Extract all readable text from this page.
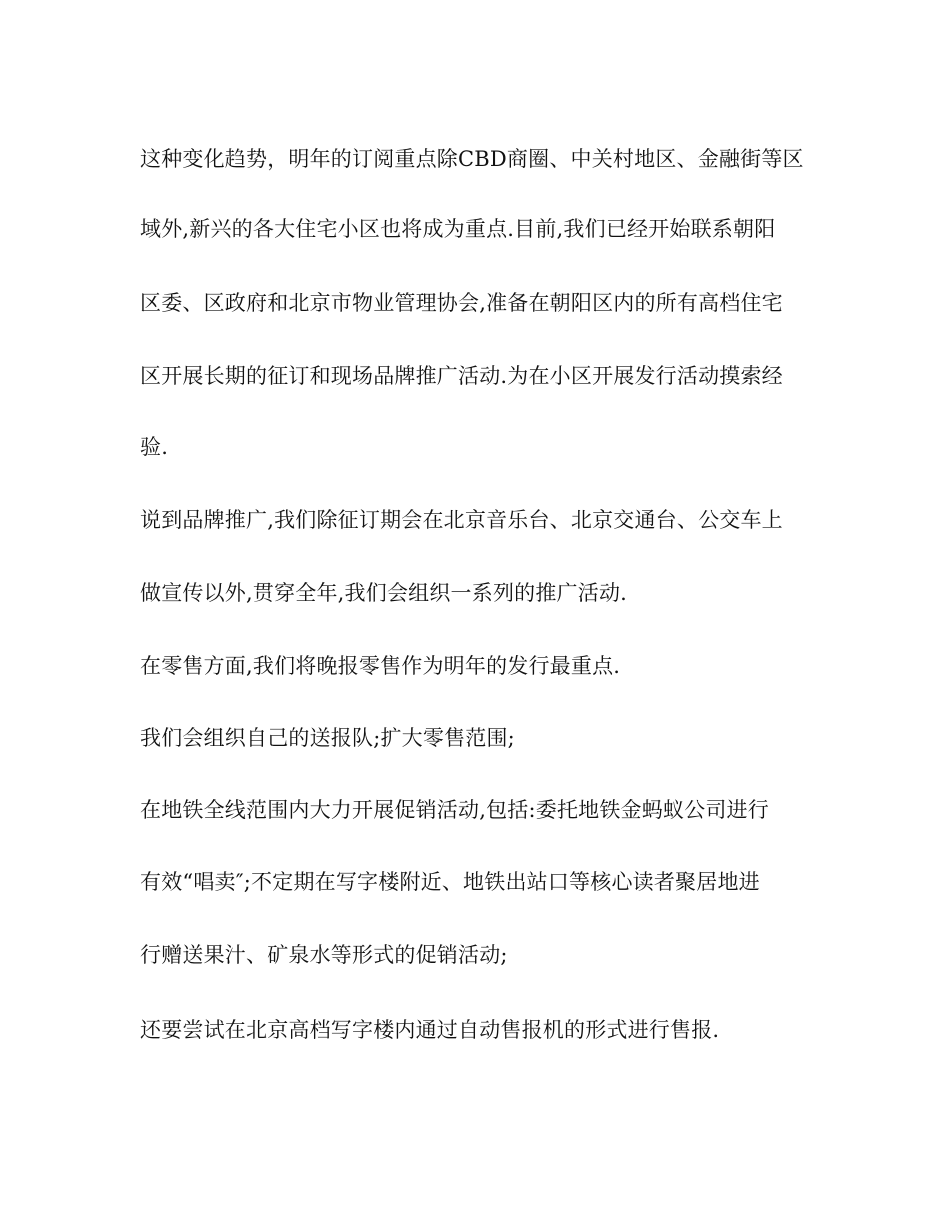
这种变化趋势，明年的订阅重点除CBD商圈、中关村地区、金融街等区

域外,新兴的各大住宅小区也将成为重点.目前,我们已经开始联系朝阳

区委、区政府和北京市物业管理协会,准备在朝阳区内的所有高档住宅

区开展长期的征订和现场品牌推广活动.为在小区开展发行活动摸索经

验.

说到品牌推广,我们除征订期会在北京音乐台、北京交通台、公交车上

做宣传以外,贯穿全年,我们会组织一系列的推广活动.

在零售方面,我们将晚报零售作为明年的发行最重点.

我们会组织自己的送报队;扩大零售范围;

在地铁全线范围内大力开展促销活动,包括:委托地铁金蚂蚁公司进行

有效“唱卖″;不定期在写字楼附近、地铁出站口等核心读者聚居地进

行赠送果汁、矿泉水等形式的促销活动;

还要尝试在北京高档写字楼内通过自动售报机的形式进行售报.
